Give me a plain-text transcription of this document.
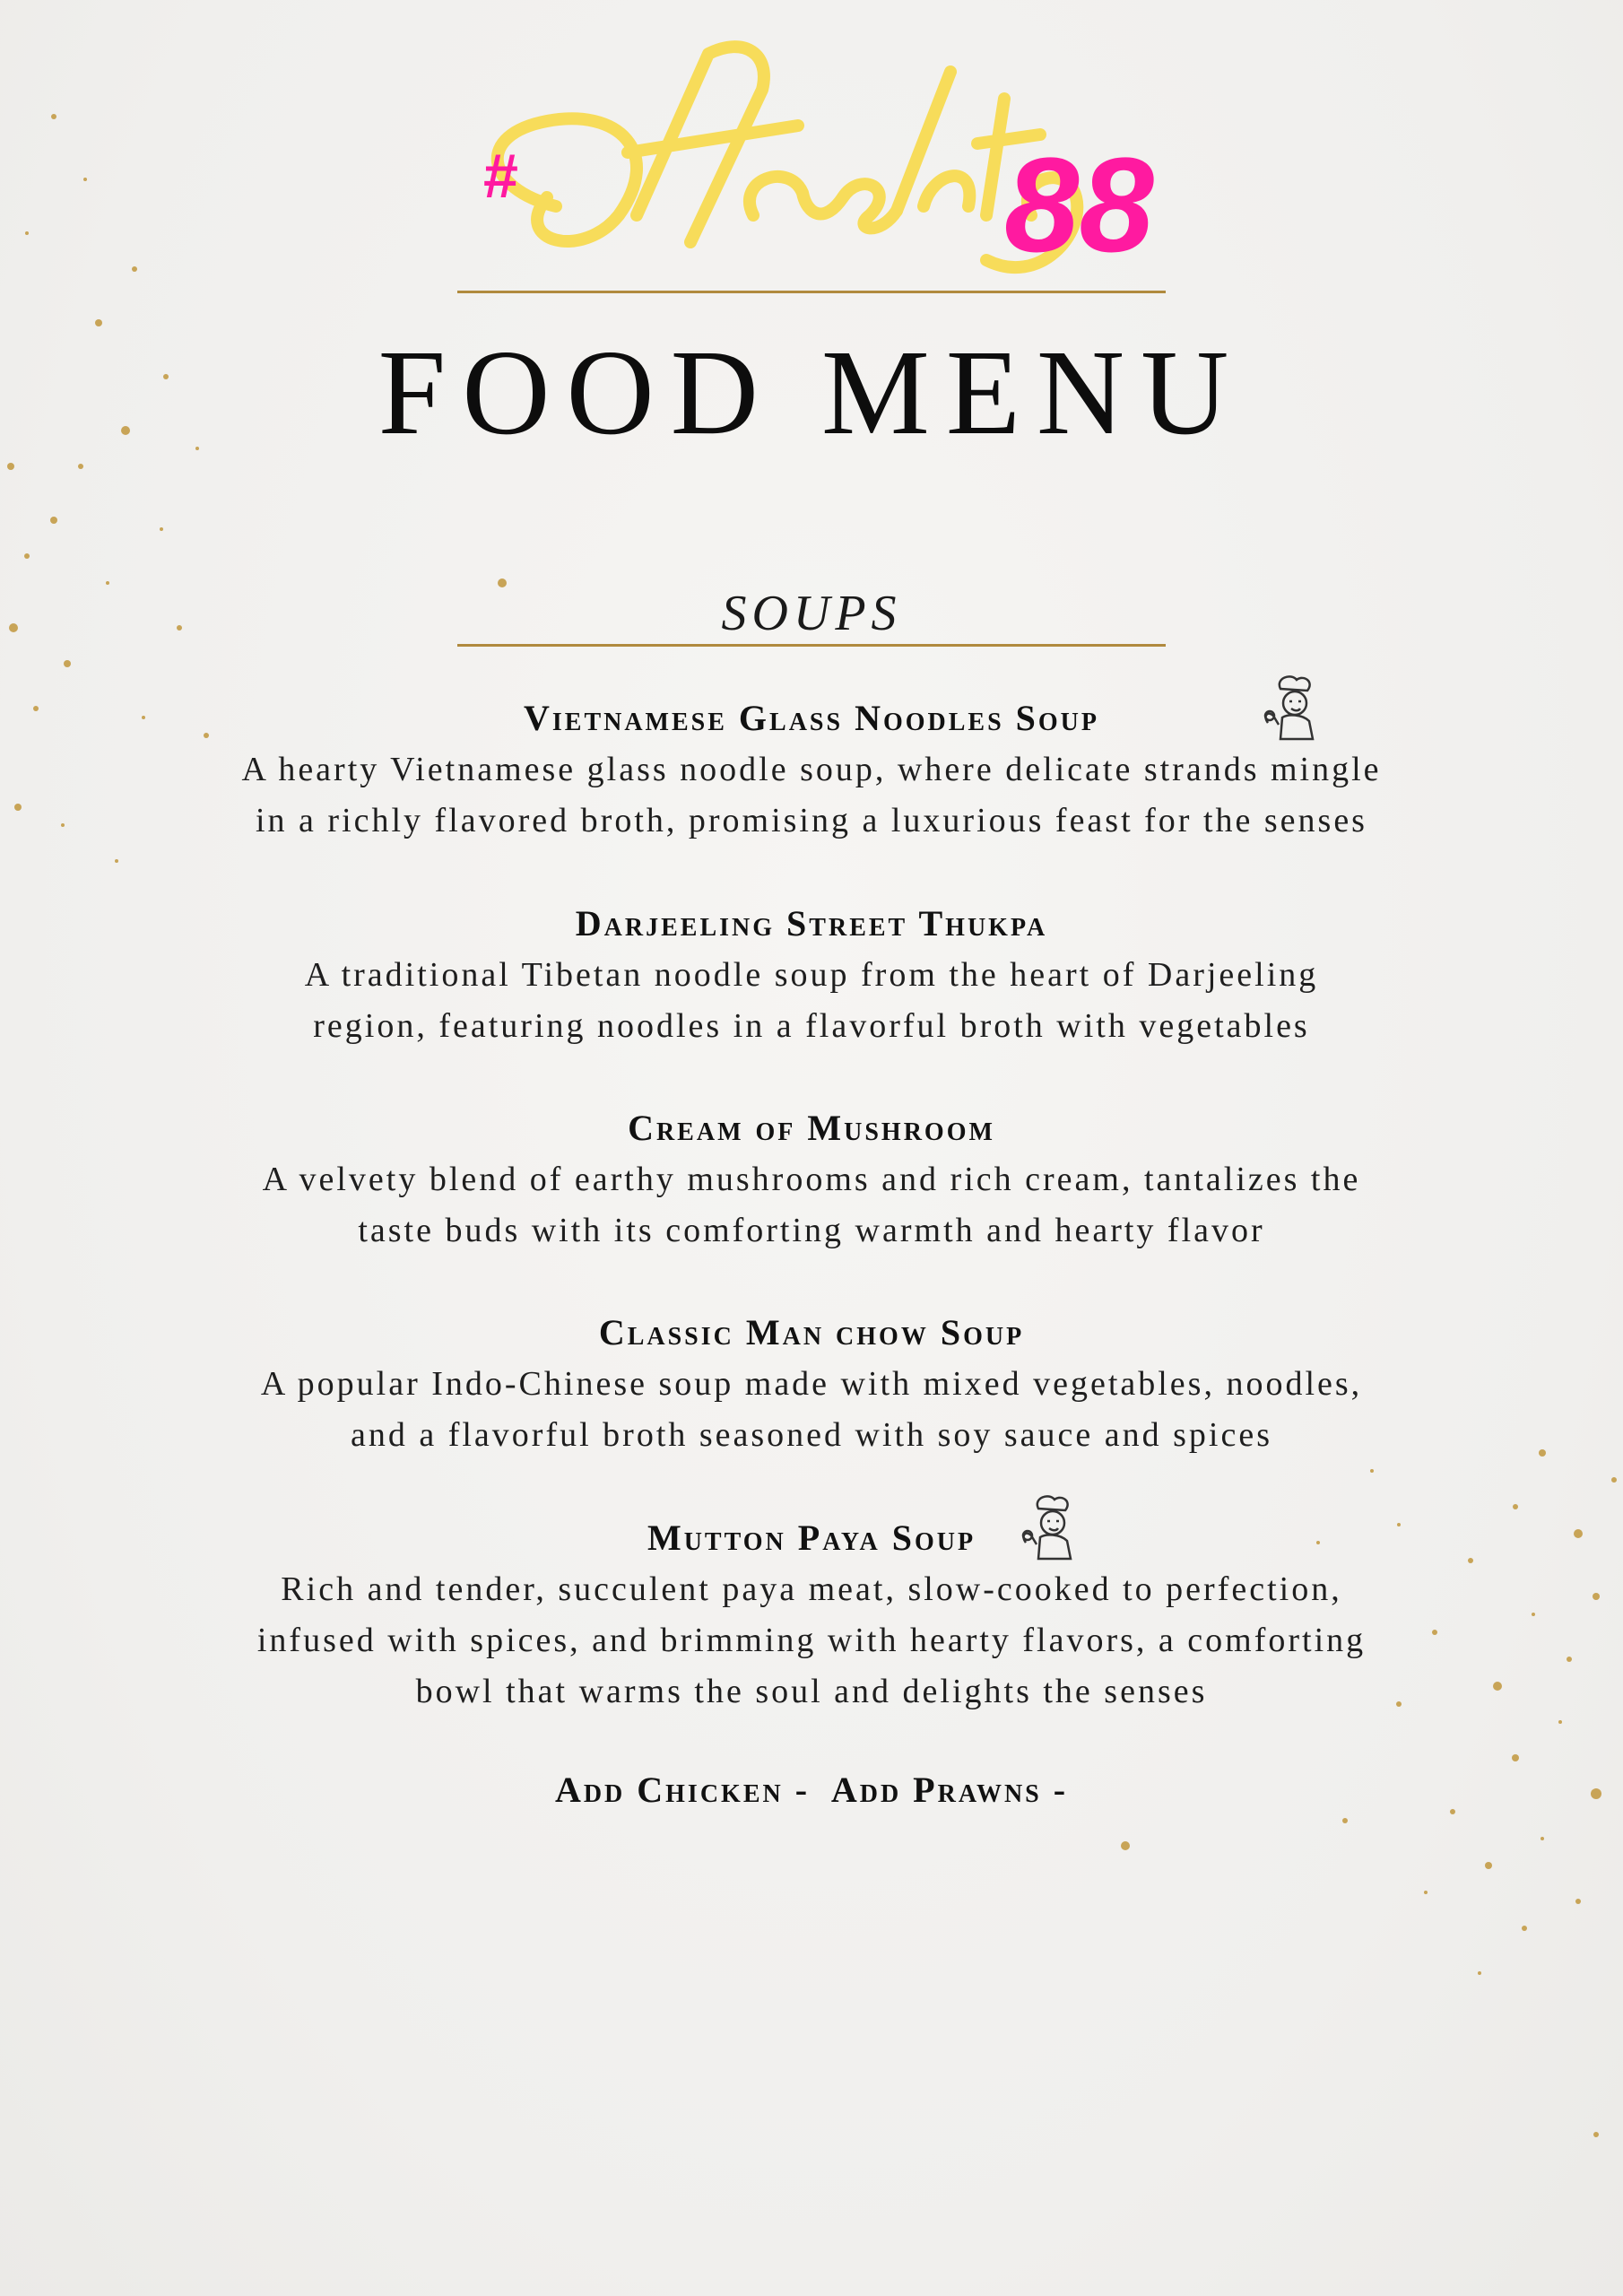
#	88
FOOD MENU
SOUPS
Vietnamese Glass Noodles Soup
A hearty Vietnamese glass noodle soup, where delicate strands mingle
in a richly flavored broth, promising a luxurious feast for the senses
Darjeeling Street Thukpa
A traditional Tibetan noodle soup from the heart of Darjeeling
region, featuring noodles in a flavorful broth with vegetables
Cream of Mushroom
A velvety blend of earthy mushrooms and rich cream, tantalizes the
taste buds with its comforting warmth and hearty flavor
Classic Man chow Soup
A popular Indo-Chinese soup made with mixed vegetables, noodles,
and a flavorful broth seasoned with soy sauce and spices
Mutton Paya Soup
Rich and tender, succulent paya meat, slow-cooked to perfection,
infused with spices, and brimming with hearty flavors, a comforting
bowl that warms the soul and delights the senses
Add Chicken -  Add Prawns -
